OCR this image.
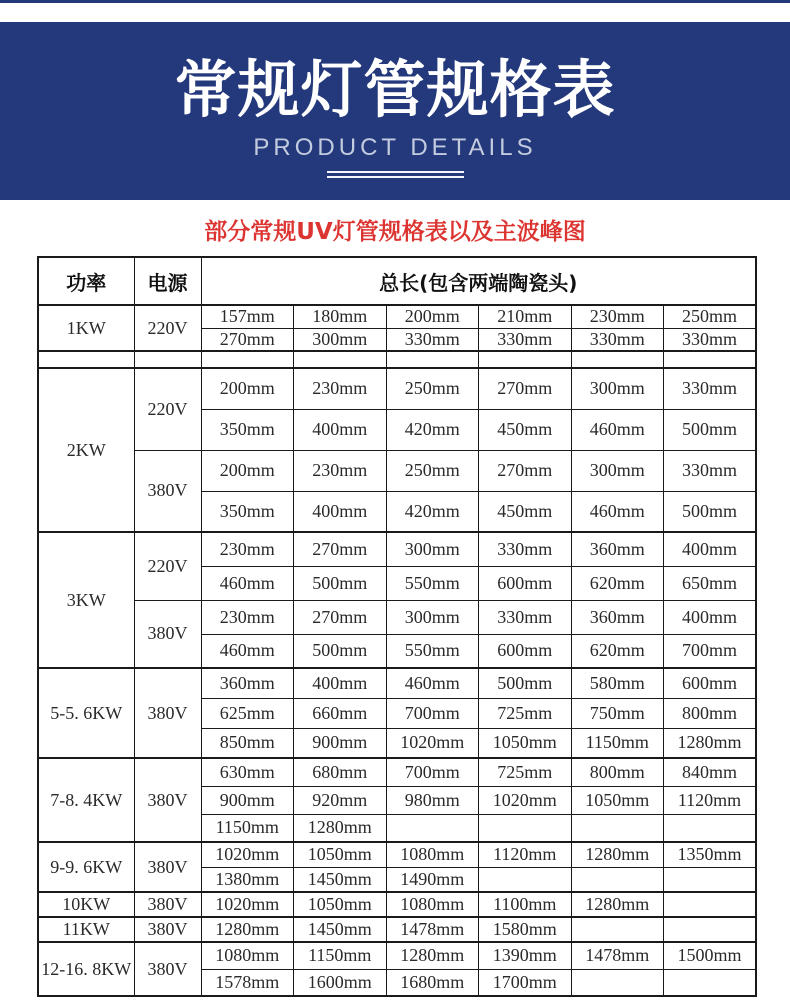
常规灯管规格表
PRODUCT DETAILS
部分常规UV灯管规格表以及主波峰图
功率	电源	总长(包含两端陶瓷头)					
1KW	220V	157mm	180mm	200mm	210mm	230mm	250mm
		270mm	300mm	330mm	330mm	330mm	330mm

2KW	220V	200mm	230mm	250mm	270mm	300mm	330mm
		350mm	400mm	420mm	450mm	460mm	500mm
	380V	200mm	230mm	250mm	270mm	300mm	330mm
		350mm	400mm	420mm	450mm	460mm	500mm
3KW	220V	230mm	270mm	300mm	330mm	360mm	400mm
		460mm	500mm	550mm	600mm	620mm	650mm
	380V	230mm	270mm	300mm	330mm	360mm	400mm
		460mm	500mm	550mm	600mm	620mm	700mm
5-5. 6KW	380V	360mm	400mm	460mm	500mm	580mm	600mm
		625mm	660mm	700mm	725mm	750mm	800mm
		850mm	900mm	1020mm	1050mm	1150mm	1280mm
7-8. 4KW	380V	630mm	680mm	700mm	725mm	800mm	840mm
		900mm	920mm	980mm	1020mm	1050mm	1120mm
		1150mm	1280mm				
9-9. 6KW	380V	1020mm	1050mm	1080mm	1120mm	1280mm	1350mm
		1380mm	1450mm	1490mm			
10KW	380V	1020mm	1050mm	1080mm	1100mm	1280mm	
11KW	380V	1280mm	1450mm	1478mm	1580mm		
12-16. 8KW	380V	1080mm	1150mm	1280mm	1390mm	1478mm	1500mm
		1578mm	1600mm	1680mm	1700mm		
